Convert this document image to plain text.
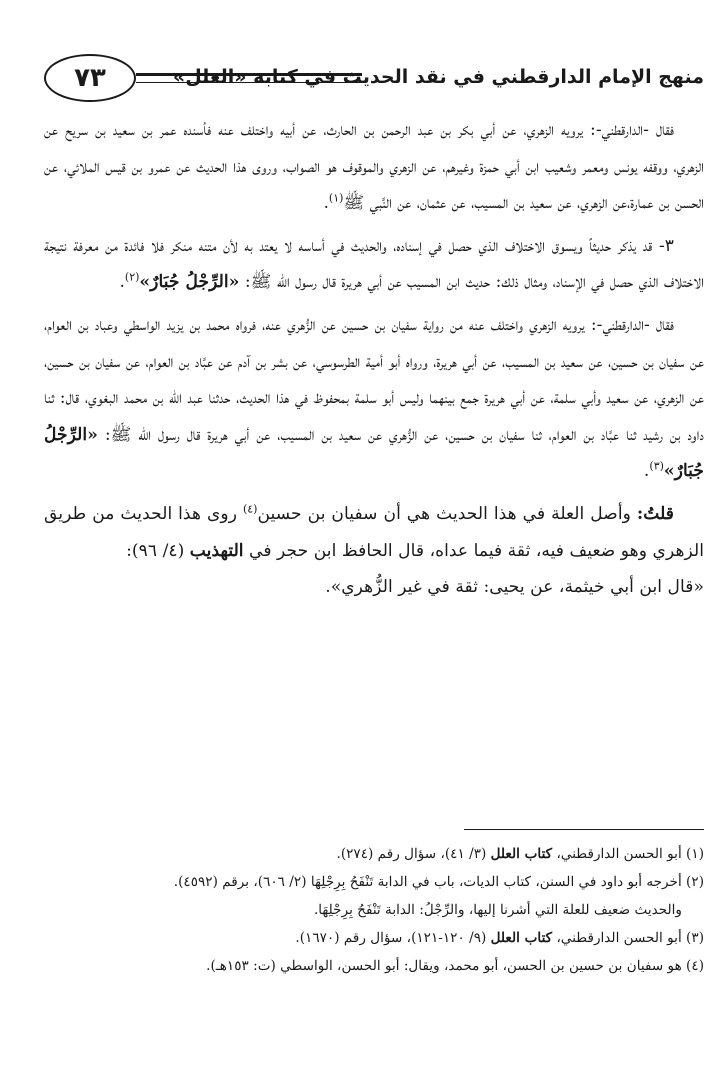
منهج الإمام الدارقطني في نقد الحديث في كتابه «العلل»
٧٣

فقال -الدارقطني-: يرويه الزهري، عن أبي بكر بن عبد الرحمن بن الحارث، عن أبيه واختلف عنه فأسنده عمر بن سعيد بن سريح عن الزهري، ووقفه يونس ومعمر وشعيب ابن أبي حمزة وغيرهم، عن الزهري والموقوف هو الصواب، وروى هذا الحديث عن عمرو بن قيس الملائي، عن الحسن بن عمارة،عن الزهري، عن سعيد بن المسيب، عن عثمان، عن النَّبي ﷺ$^{(١)}$.

٣- قد يذكر حديثاً ويسوق الاختلاف الذي حصل في إسناده، والحديث في أساسه لا يعتد به لأن متنه منكر فلا فائدة من معرفة نتيجة الاختلاف الذي حصل في الإسناد، ومثال ذلك: حديث ابن المسيب عن أبي هريرة قال رسول الله ﷺ: «الرِّجْلُ جُبَارٌ»$^{(٢)}$.

فقال -الدارقطني-: يرويه الزهري واختلف عنه من رواية سفيان بن حسين عن الزُّهري عنه، فرواه محمد بن يزيد الواسطي وعباد بن العوام، عن سفيان بن حسين، عن سعيد بن المسيب، عن أبي هريرة، ورواه أبو أمية الطرسوسي، عن بشر بن آدم عن عبَّاد بن العوام، عن سفيان بن حسين، عن الزهري، عن سعيد وأبي سلمة، عن أبي هريرة جمع بينهما وليس أبو سلمة بمحفوظ في هذا الحديث، حدثنا عبد الله بن محمد البغوي، قال: ثنا داود بن رشيد ثنا عبَّاد بن العوام، ثنا سفيان بن حسين، عن الزُّهري عن سعيد بن المسيب، عن أبي هريرة قال رسول الله ﷺ: «الرِّجْلُ جُبَارٌ»$^{(٣)}$.

قلتُ: وأصل العلة في هذا الحديث هي أن سفيان بن حسين$^{(٤)}$ روى هذا الحديث من طريق الزهري وهو ضعيف فيه، ثقة فيما عداه، قال الحافظ ابن حجر في التهذيب (٤/ ٩٦):

«قال ابن أبي خيثمة، عن يحيى: ثقة في غير الزُّهري».

(١) أبو الحسن الدارقطني، كتاب العلل (٣/ ٤١)، سؤال رقم (٢٧٤).
(٢) أخرجه أبو داود في السنن، كتاب الديات، باب في الدابة تَنْفَحُ بِرِجْلِهَا (٢/ ٦٠٦)، برقم (٤٥٩٢).
والحديث ضعيف للعلة التي أشرنا إليها، والرِّجْلُ: الدابة تَنْفَحُ بِرِجْلِهَا.
(٣) أبو الحسن الدارقطني، كتاب العلل (٩/ ١٢٠-١٢١)، سؤال رقم (١٦٧٠).
(٤) هو سفيان بن حسين بن الحسن، أبو محمد، ويقال: أبو الحسن، الواسطي (ت: ١٥٣هـ).
